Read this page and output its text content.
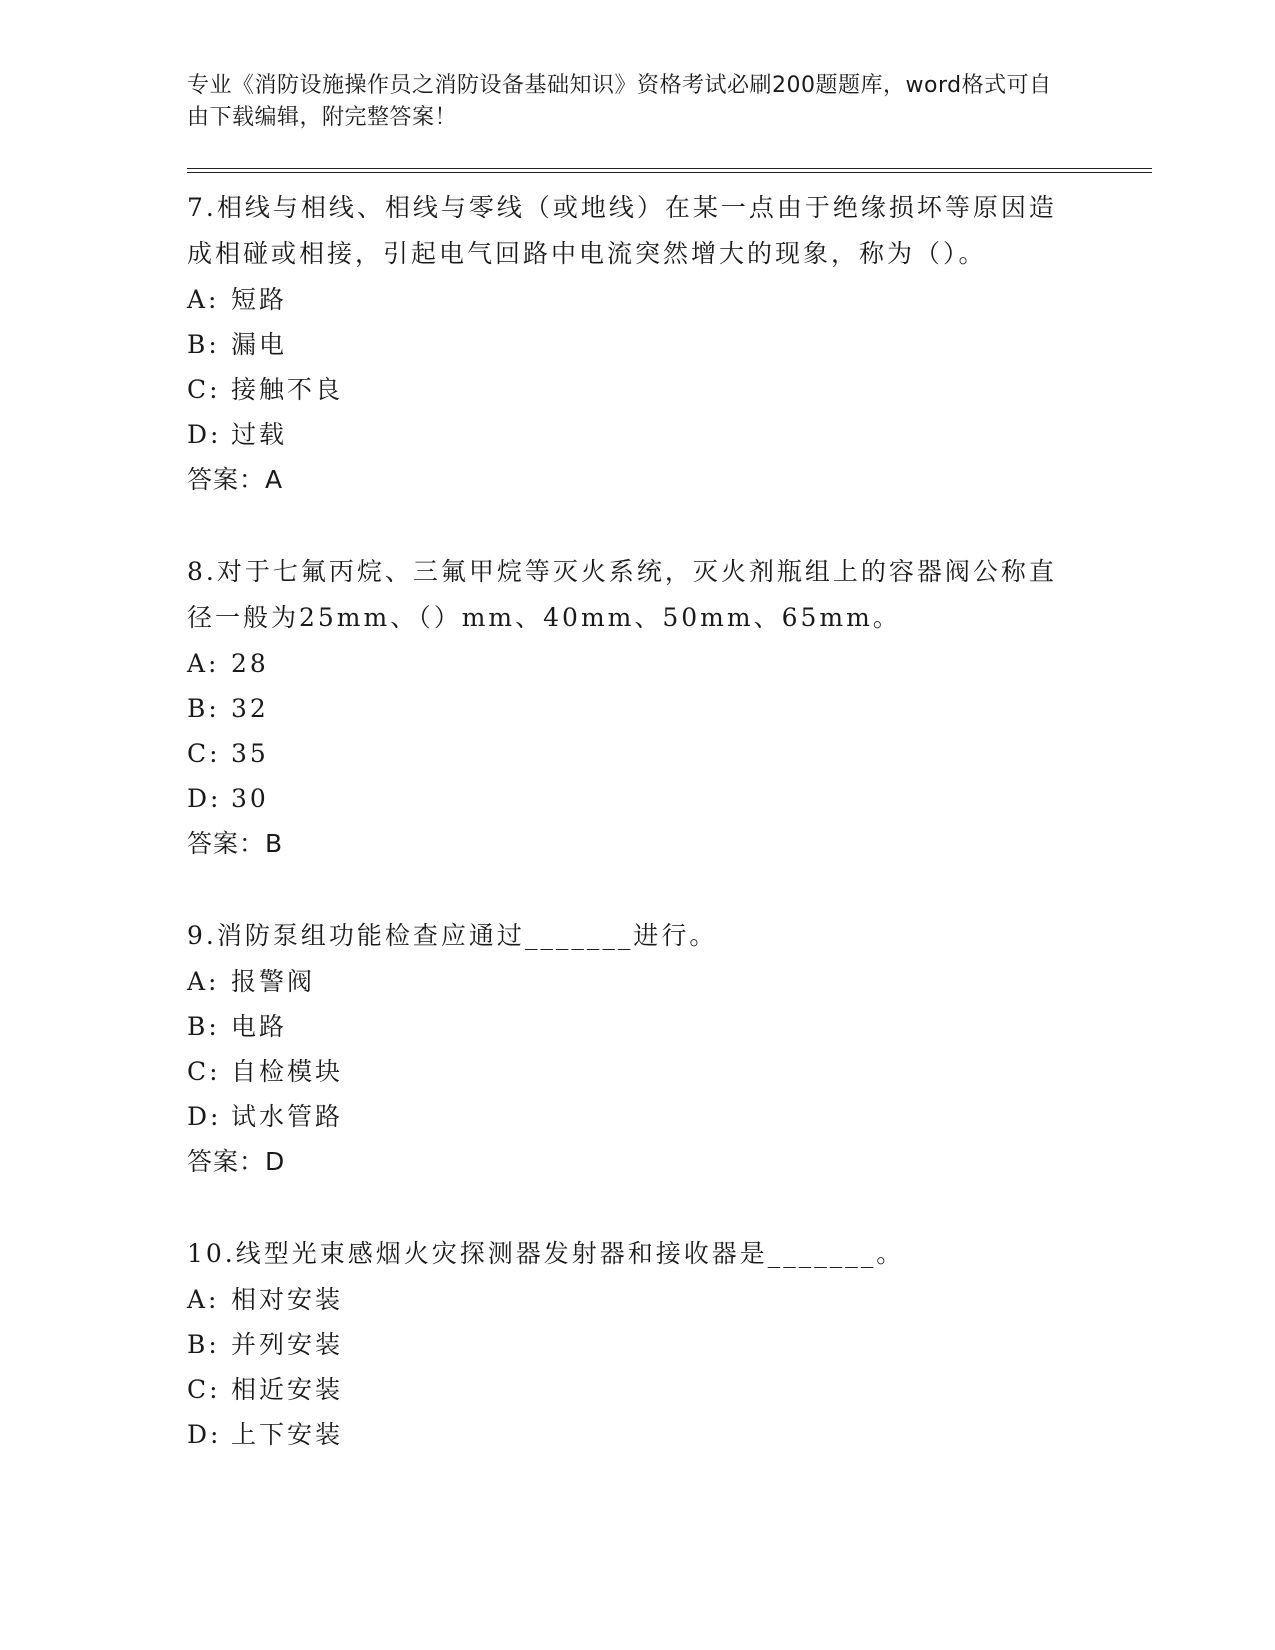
专业《消防设施操作员之消防设备基础知识》资格考试必刷200题题库，word格式可自由下载编辑，附完整答案！

7.相线与相线、相线与零线（或地线）在某一点由于绝缘损坏等原因造成相碰或相接，引起电气回路中电流突然增大的现象，称为（）。

A: 短路

B: 漏电

C: 接触不良

D: 过载

答案：A

8.对于七氟丙烷、三氟甲烷等灭火系统，灭火剂瓶组上的容器阀公称直径一般为25mm、（）mm、40mm、50mm、65mm。

A: 28

B: 32

C: 35

D: 30

答案：B

9.消防泵组功能检查应通过_______进行。

A: 报警阀

B: 电路

C: 自检模块

D: 试水管路

答案：D

10.线型光束感烟火灾探测器发射器和接收器是_______。

A: 相对安装

B: 并列安装

C: 相近安装

D: 上下安装
